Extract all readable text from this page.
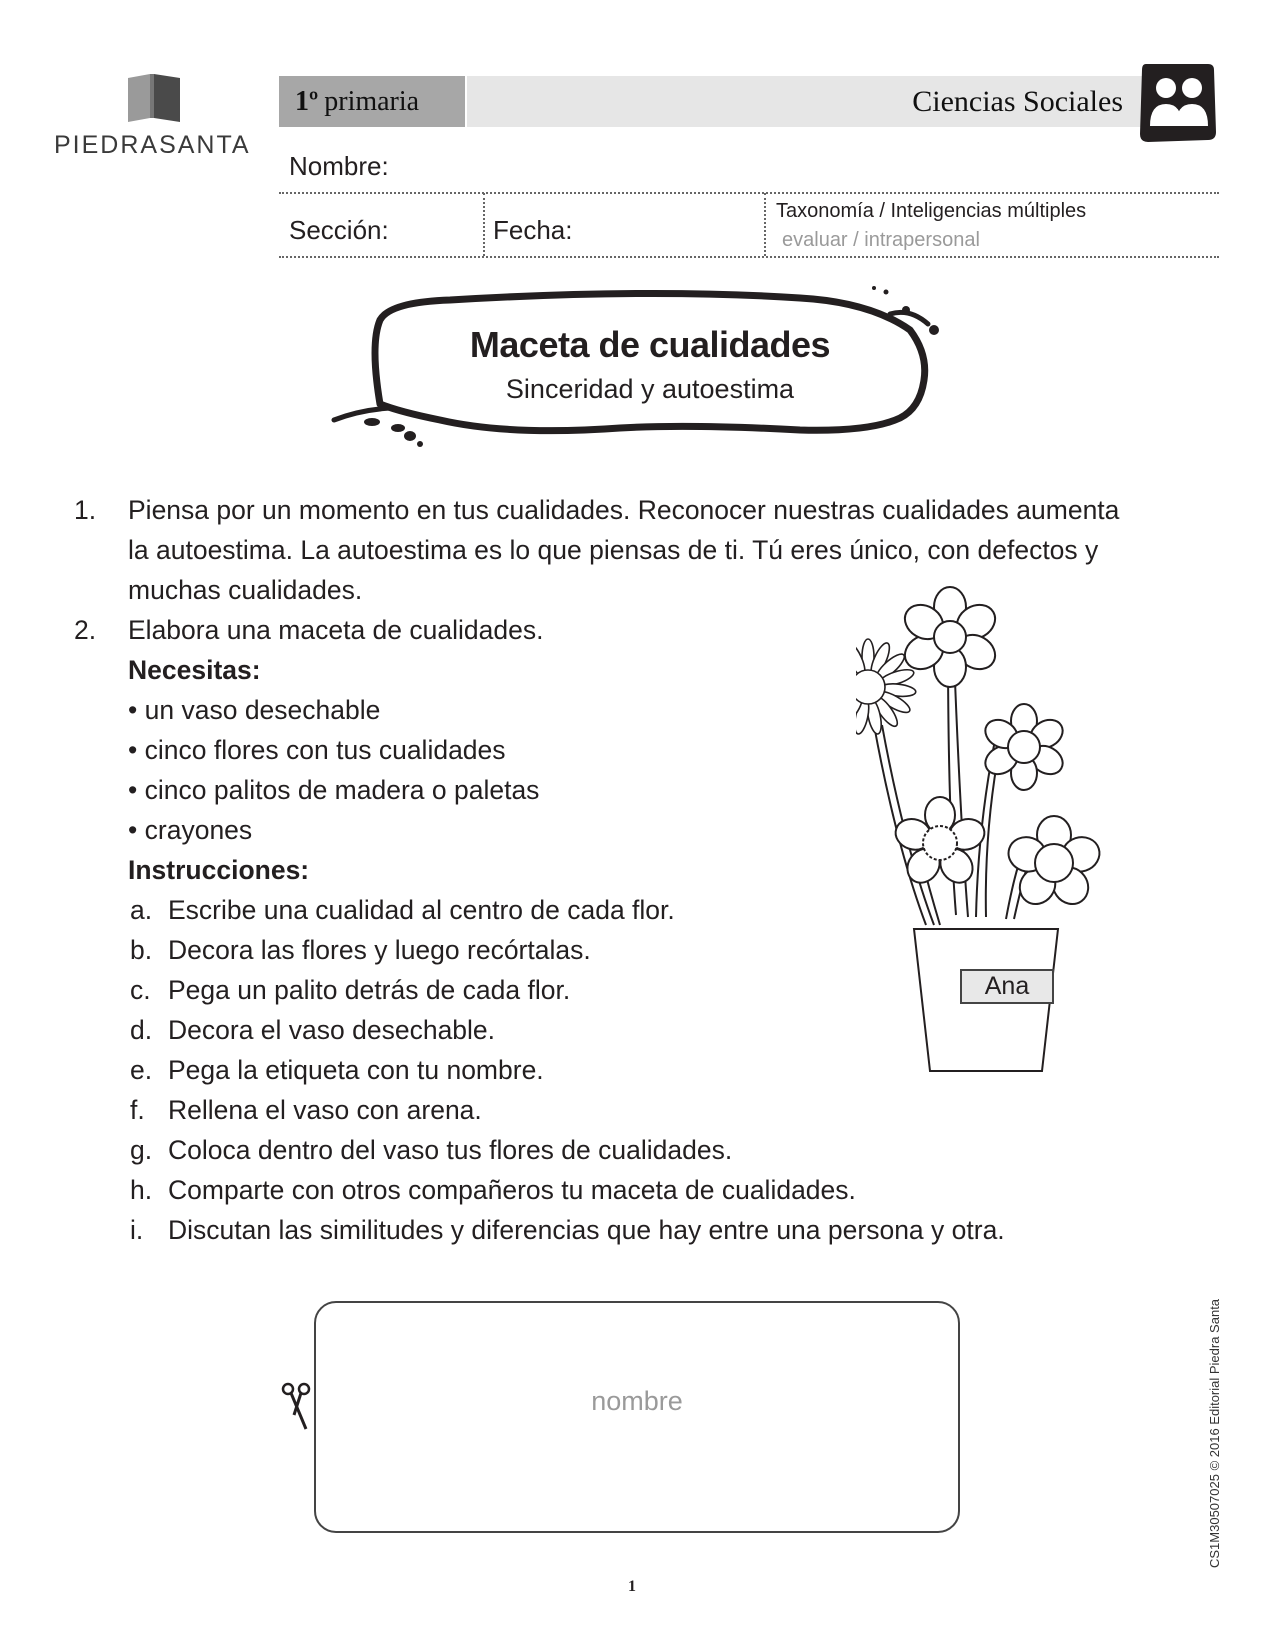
PIEDRASANTA
1º primaria	Ciencias Sociales
Nombre:
Sección:	Fecha:
Taxonomía / Inteligencias múltiples
evaluar / intrapersonal
Maceta de cualidades
Sinceridad y autoestima
1. Piensa por un momento en tus cualidades. Reconocer nuestras cualidades aumenta
la autoestima. La autoestima es lo que piensas de ti. Tú eres único, con defectos y
muchas cualidades.
2. Elabora una maceta de cualidades.
Necesitas:
• un vaso desechable
• cinco flores con tus cualidades
• cinco palitos de madera o paletas
• crayones
Instrucciones:
a. Escribe una cualidad al centro de cada flor.
b. Decora las flores y luego recórtalas.
c. Pega un palito detrás de cada flor.
d. Decora el vaso desechable.
e. Pega la etiqueta con tu nombre.
f. Rellena el vaso con arena.
g. Coloca dentro del vaso tus flores de cualidades.
h. Comparte con otros compañeros tu maceta de cualidades.
i. Discutan las similitudes y diferencias que hay entre una persona y otra.
Ana
nombre	CS1M30507025 © 2016 Editorial Piedra Santa
1
